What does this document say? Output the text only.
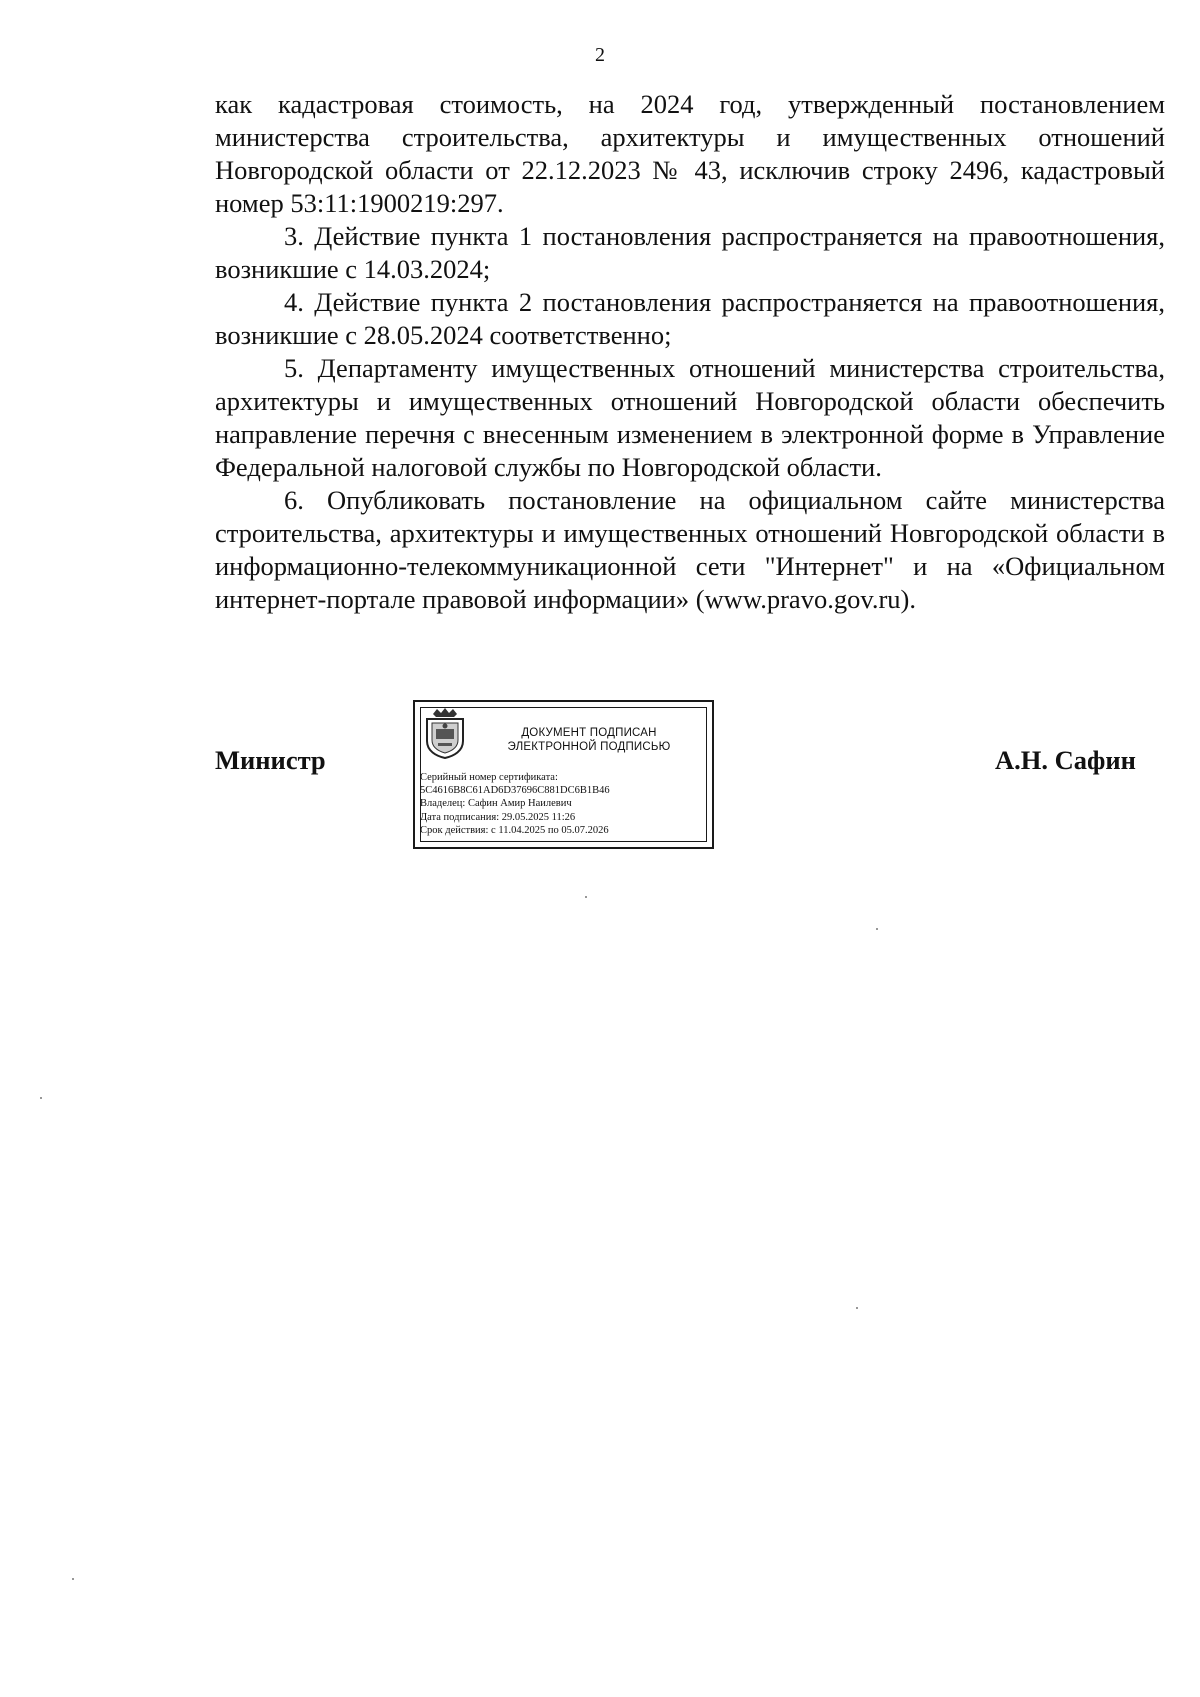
2

как кадастровая стоимость, на 2024 год, утвержденный постановлением министерства строительства, архитектуры и имущественных отношений Новгородской области от 22.12.2023 № 43, исключив строку 2496, кадастровый номер 53:11:1900219:297.

3. Действие пункта 1 постановления распространяется на правоотношения, возникшие с 14.03.2024;

4. Действие пункта 2 постановления распространяется на правоотношения, возникшие с 28.05.2024 соответственно;

5. Департаменту имущественных отношений министерства строительства, архитектуры и имущественных отношений Новгородской области обеспечить направление перечня с внесенным изменением в электронной форме в Управление Федеральной налоговой службы по Новгородской области.

6. Опубликовать постановление на официальном сайте министерства строительства, архитектуры и имущественных отношений Новгородской области в информационно-телекоммуникационной сети "Интернет" и на «Официальном интернет-портале правовой информации» (www.pravo.gov.ru).

Министр
ДОКУМЕНТ ПОДПИСАН
ЭЛЕКТРОННОЙ ПОДПИСЬЮ
Серийный номер сертификата:
5C4616B8C61AD6D37696C881DC6B1B46
Владелец: Сафин Амир Наилевич
Дата подписания: 29.05.2025 11:26
Срок действия: с 11.04.2025 по 05.07.2026
А.Н. Сафин
